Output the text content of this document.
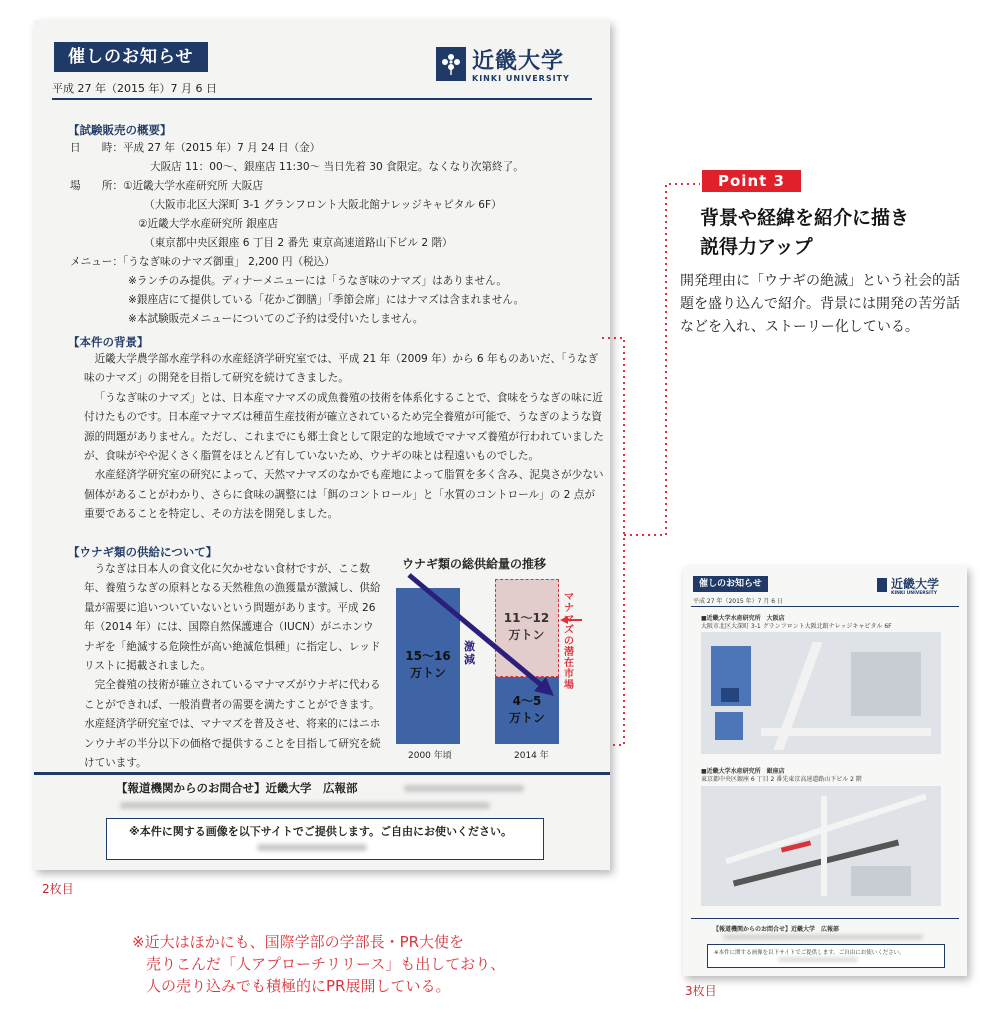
催しのお知らせ
平成 27 年（2015 年）7 月 6 日
近畿大学
KINKI UNIVERSITY
【試験販売の概要】
日　　時：平成 27 年（2015 年）7 月 24 日（金）
大阪店 11：00〜、銀座店 11:30〜 当日先着 30 食限定。なくなり次第終了。
場　　所：①近畿大学水産研究所 大阪店
（大阪市北区大深町 3-1 グランフロント大阪北館ナレッジキャピタル 6F）
②近畿大学水産研究所 銀座店
（東京都中央区銀座 6 丁目 2 番先 東京高速道路山下ビル 2 階）
メニュー：「うなぎ味のナマズ御重」 2,200 円（税込）
※ランチのみ提供。ディナーメニューには「うなぎ味のナマズ」はありません。
※銀座店にて提供している「花かご御膳」「季節会席」にはナマズは含まれません。
※本試験販売メニューについてのご予約は受付いたしません。
【本件の背景】

近畿大学農学部水産学科の水産経済学研究室では、平成 21 年（2009 年）から 6 年ものあいだ、「うなぎ味のナマズ」の開発を目指して研究を続けてきました。

「うなぎ味のナマズ」とは、日本産マナマズの成魚養殖の技術を体系化することで、食味をうなぎの味に近付けたものです。日本産マナマズは種苗生産技術が確立されているため完全養殖が可能で、うなぎのような資源的問題がありません。ただし、これまでにも郷土食として限定的な地域でマナマズ養殖が行われていましたが、食味がやや泥くさく脂質をほとんど有していないため、ウナギの味とは程遠いものでした。

水産経済学研究室の研究によって、天然マナマズのなかでも産地によって脂質を多く含み、泥臭さが少ない個体があることがわかり、さらに食味の調整には「餌のコントロール」と「水質のコントロール」の 2 点が重要であることを特定し、その方法を開発しました。

【ウナギ類の供給について】

うなぎは日本人の食文化に欠かせない食材ですが、ここ数年、養殖うなぎの原料となる天然稚魚の漁獲量が激減し、供給量が需要に追いついていないという問題があります。平成 26 年（2014 年）には、国際自然保護連合（IUCN）がニホンウナギを「絶滅する危険性が高い絶滅危惧種」に指定し、レッドリストに掲載されました。

完全養殖の技術が確立されているマナマズがウナギに代わることができれば、一般消費者の需要を満たすことができます。水産経済学研究室では、マナマズを普及させ、将来的にはニホンウナギの半分以下の価格で提供することを目指して研究を続けています。

ウナギ類の総供給量の推移
15〜16
万トン
11〜12
万トン
4〜5
万トン
激減
マナマズの潜在市場
2000 年頃	2014 年
【報道機関からのお問合せ】近畿大学　広報部
※本件に関する画像を以下サイトでご提供します。ご自由にお使いください。
2枚目
Point 3
背景や経緯を紹介に描き
説得力アップ
開発理由に「ウナギの絶滅」という社会的話題を盛り込んで紹介。背景には開発の苦労話などを入れ、ストーリー化している。
催しのお知らせ
平成 27 年（2015 年）7 月 6 日
近畿大学
KINKI UNIVERSITY
■近畿大学水産研究所　大阪店
大阪市北区大深町 3-1 グランフロント大阪北館ナレッジキャピタル 6F
■近畿大学水産研究所　銀座店
東京都中央区銀座 6 丁目 2 番先東京高速道路山下ビル 2 階
【報道機関からのお問合せ】近畿大学　広報部
※本件に関する画像を以下サイトでご提供します。ご自由にお使いください。
3枚目
※近大はほかにも、国際学部の学部長・PR大使を
売りこんだ「人アプローチリリース」も出しており、
人の売り込みでも積極的にPR展開している。
